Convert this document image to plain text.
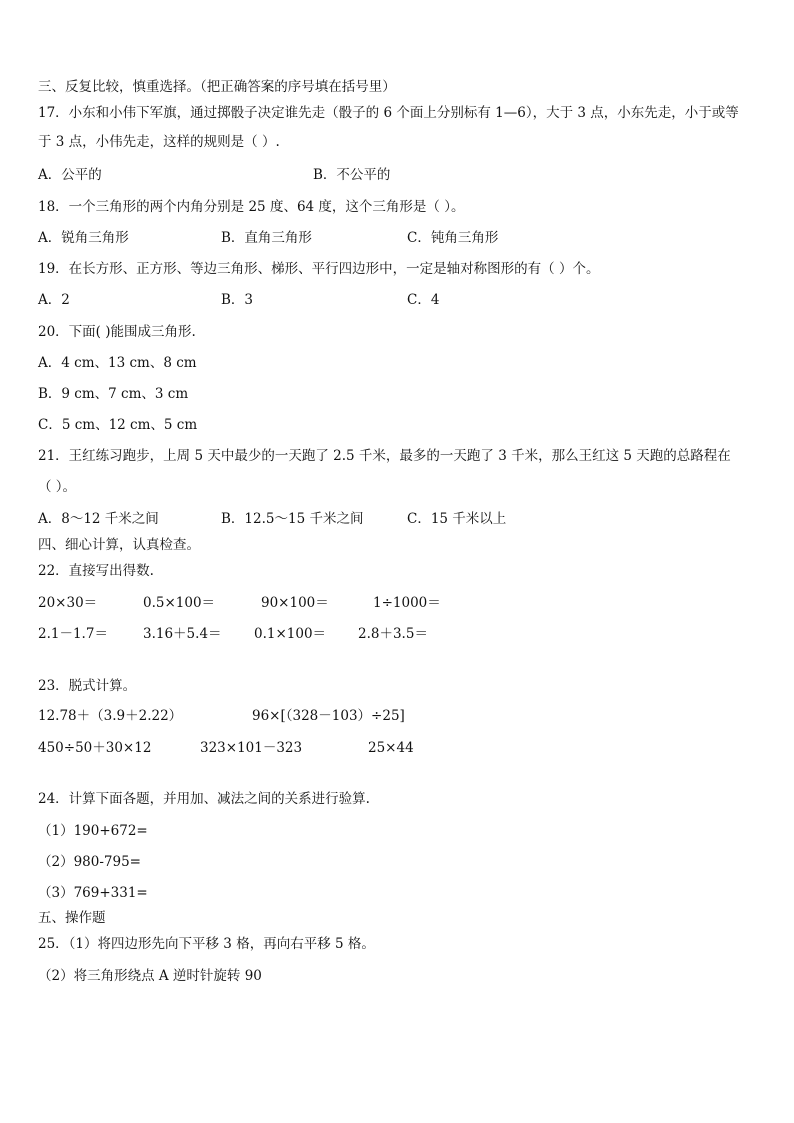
三、反复比较，慎重选择。（把正确答案的序号填在括号里）
17．小东和小伟下军旗，通过掷骰子决定谁先走（骰子的 6 个面上分别标有 1—6），大于 3 点，小东先走，小于或等
于 3 点，小伟先走，这样的规则是（ ）.
A．公平的	B．不公平的
18．一个三角形的两个内角分别是 25 度、64 度，这个三角形是（ ）。
A．锐角三角形	B．直角三角形	C．钝角三角形
19．在长方形、正方形、等边三角形、梯形、平行四边形中，一定是轴对称图形的有（ ）个。
A．2	B．3	C．4
20．下面( )能围成三角形.
A．4 cm、13 cm、8 cm
B．9 cm、7 cm、3 cm
C．5 cm、12 cm、5 cm
21．王红练习跑步，上周 5 天中最少的一天跑了 2.5 千米，最多的一天跑了 3 千米，那么王红这 5 天跑的总路程在
（ ）。
A．8～12 千米之间	B．12.5～15 千米之间	C．15 千米以上
四、细心计算，认真检查。
22．直接写出得数.
20×30＝	0.5×100＝	90×100＝	1÷1000＝
2.1－1.7＝	3.16＋5.4＝ 0.1×100＝ 2.8＋3.5＝
23．脱式计算。
12.78＋（3.9＋2.22）	96×[（328－103）÷25]
450÷50＋30×12	323×101－323	25×44
24．计算下面各题，并用加、减法之间的关系进行验算.
（1）190+672=
（2）980-795=
（3）769+331=
五、操作题
25．（1）将四边形先向下平移 3 格，再向右平移 5 格。
（2）将三角形绕点 A 逆时针旋转 90
